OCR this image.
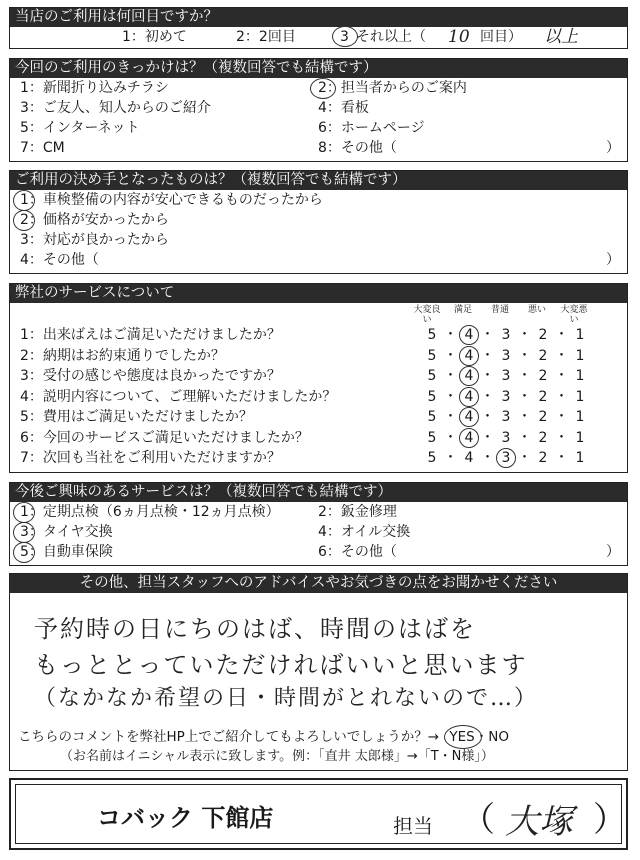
当店のご利用は何回目ですか？
1：初めて	2：2回目	3 それ以上（ 10 回目） 以上
今回のご利用のきっかけは？（複数回答でも結構です）
1：新聞折り込みチラシ	2：担当者からのご案内
3：ご友人、知人からのご紹介	4：看板
5：インターネット	6：ホームページ
7：CM	8：その他（	）
ご利用の決め手となったものは？（複数回答でも結構です）
1：車検整備の内容が安心できるものだったから
2：価格が安かったから
3：対応が良かったから
4：その他（	）
弊社のサービスについて
大変良い
満足	普通	悪い	大変悪い
1：出来ばえはご満足いただけましたか？	5 ・ 4 ・ 3 ・ 2 ・ 1
2：納期はお約束通りでしたか？	5 ・ 4 ・ 3 ・ 2 ・ 1
3：受付の感じや態度は良かったですか？	5 ・ 4 ・ 3 ・ 2 ・ 1
4：説明内容について、ご理解いただけましたか？	5 ・ 4 ・ 3 ・ 2 ・ 1
5：費用はご満足いただけましたか？	5 ・ 4 ・ 3 ・ 2 ・ 1
6：今回のサービスご満足いただけましたか？	5 ・ 4 ・ 3 ・ 2 ・ 1
7：次回も当社をご利用いただけますか？	5 ・ 4 ・ 3 ・ 2 ・ 1
今後ご興味のあるサービスは？（複数回答でも結構です）
1：定期点検（6ヵ月点検・12ヵ月点検）	2：鈑金修理
3：タイヤ交換	4：オイル交換
5：自動車保険	6：その他（	）
その他、担当スタッフへのアドバイスやお気づきの点をお聞かせください
予約時の日にちのはば、時間のはばを
もっととっていただければいいと思います
（なかなか希望の日・時間がとれないので…）
こちらのコメントを弊社HP上でご紹介してもよろしいでしょうか？→ YES
・NO
（お名前はイニシャル表示に致します。例：「直井 太郎様」→「T・N様」）
コバック 下館店	担当 （ 大塚 ）
